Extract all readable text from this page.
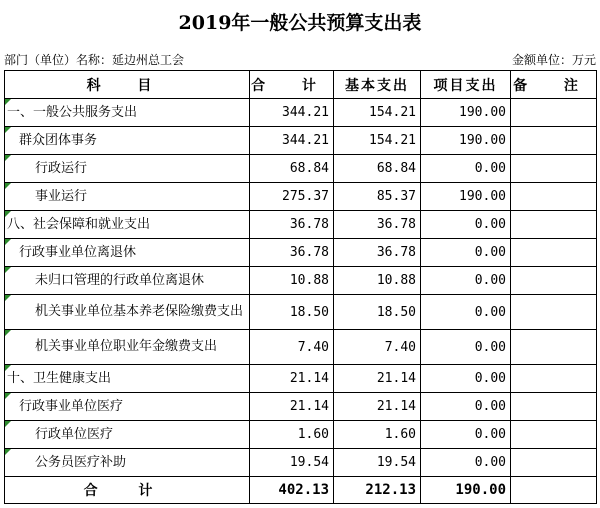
2019年一般公共预算支出表
部门（单位）名称：延边州总工会	金额单位：万元
科 目	合 计	基本支出	项目支出	备 注

一、一般公共服务支出	344.21	154.21	190.00	

群众团体事务	344.21	154.21	190.00	

行政运行	68.84	68.84	0.00	

事业运行	275.37	85.37	190.00	

八、社会保障和就业支出	36.78	36.78	0.00	

行政事业单位离退休	36.78	36.78	0.00	

未归口管理的行政单位离退休	10.88	10.88	0.00	

机关事业单位基本养老保险缴费支出	18.50	18.50	0.00	

机关事业单位职业年金缴费支出	7.40	7.40	0.00	

十、卫生健康支出	21.14	21.14	0.00	

行政事业单位医疗	21.14	21.14	0.00	

行政单位医疗	1.60	1.60	0.00	

公务员医疗补助	19.54	19.54	0.00	
合 计	402.13	212.13	190.00	
